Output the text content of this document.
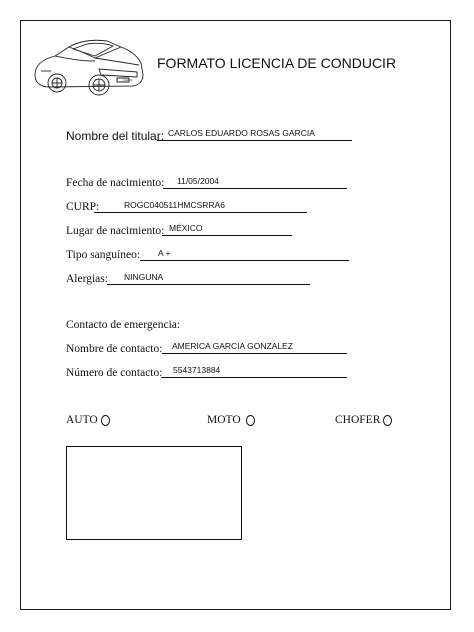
CAR·01
FORMATO LICENCIA DE CONDUCIR
Nombre del titular: CARLOS EDUARDO ROSAS GARCIA
Fecha de nacimiento:	11/05/2004
CURP:	ROGC040511HMCSRRA6
Lugar de nacimiento: MÉXICO
Tipo sanguíneo:	A +
Alergias:	NINGUNA
Contacto de emergencia:
Nombre de contacto:	AMERICA GARCIA GONZALEZ
Número de contacto:	5543713884
AUTO	MOTO	CHOFER
